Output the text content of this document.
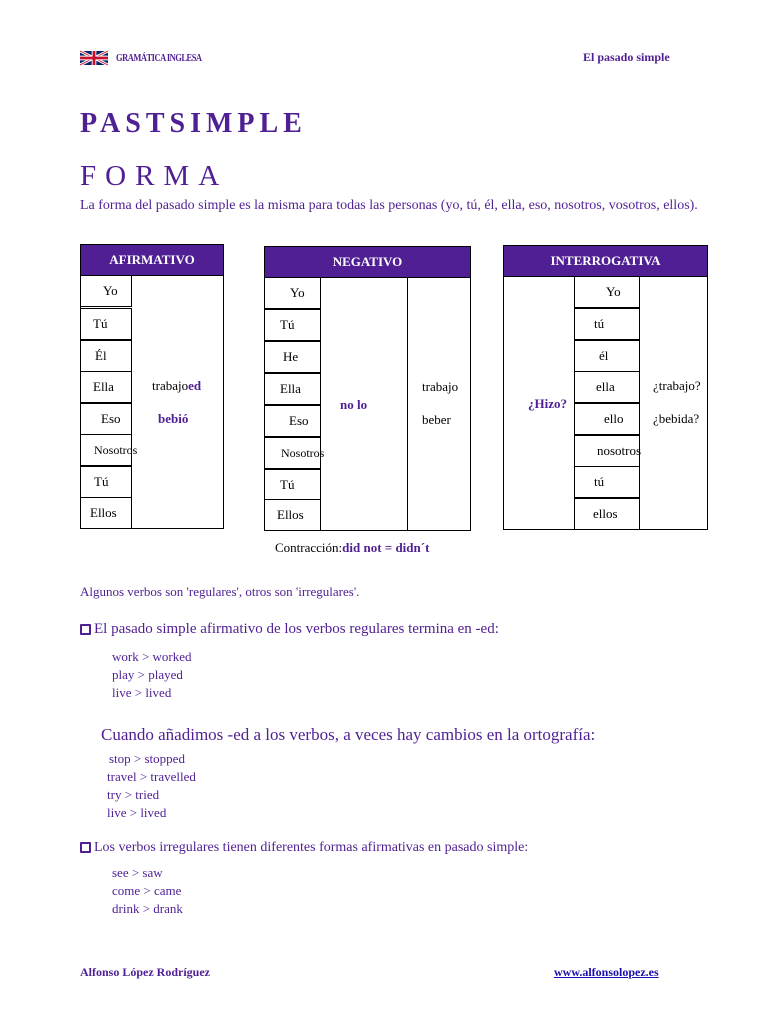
GRAMÁTICA INGLESA	El pasado simple
PASTSIMPLE
FORMA
La forma del pasado simple es la misma para todas las personas (yo, tú, él, ella, eso, nosotros, vosotros, ellos).
AFIRMATIVO
Yo
Tú
Él
Ella
Eso
Nosotros
Tú
Ellos
trabajoed
bebió
NEGATIVO
Yo
Tú
He
Ella
Eso
Nosotros
Tú
Ellos
no lo
trabajo
beber
INTERROGATIVA
Yo
tú
él
ella
ello
nosotros
tú
ellos
¿Hizo?
¿trabajo?
¿bebida?
Contracción:did not = didn´t
Algunos verbos son 'regulares', otros son 'irregulares'.
El pasado simple afirmativo de los verbos regulares termina en -ed:
work > worked
play > played
live > lived
Cuando añadimos -ed a los verbos, a veces hay cambios en la ortografía:
stop > stopped
travel > travelled
try > tried
live > lived
Los verbos irregulares tienen diferentes formas afirmativas en pasado simple:
see > saw
come > came
drink > drank
Alfonso López Rodríguez	www.alfonsolopez.es
